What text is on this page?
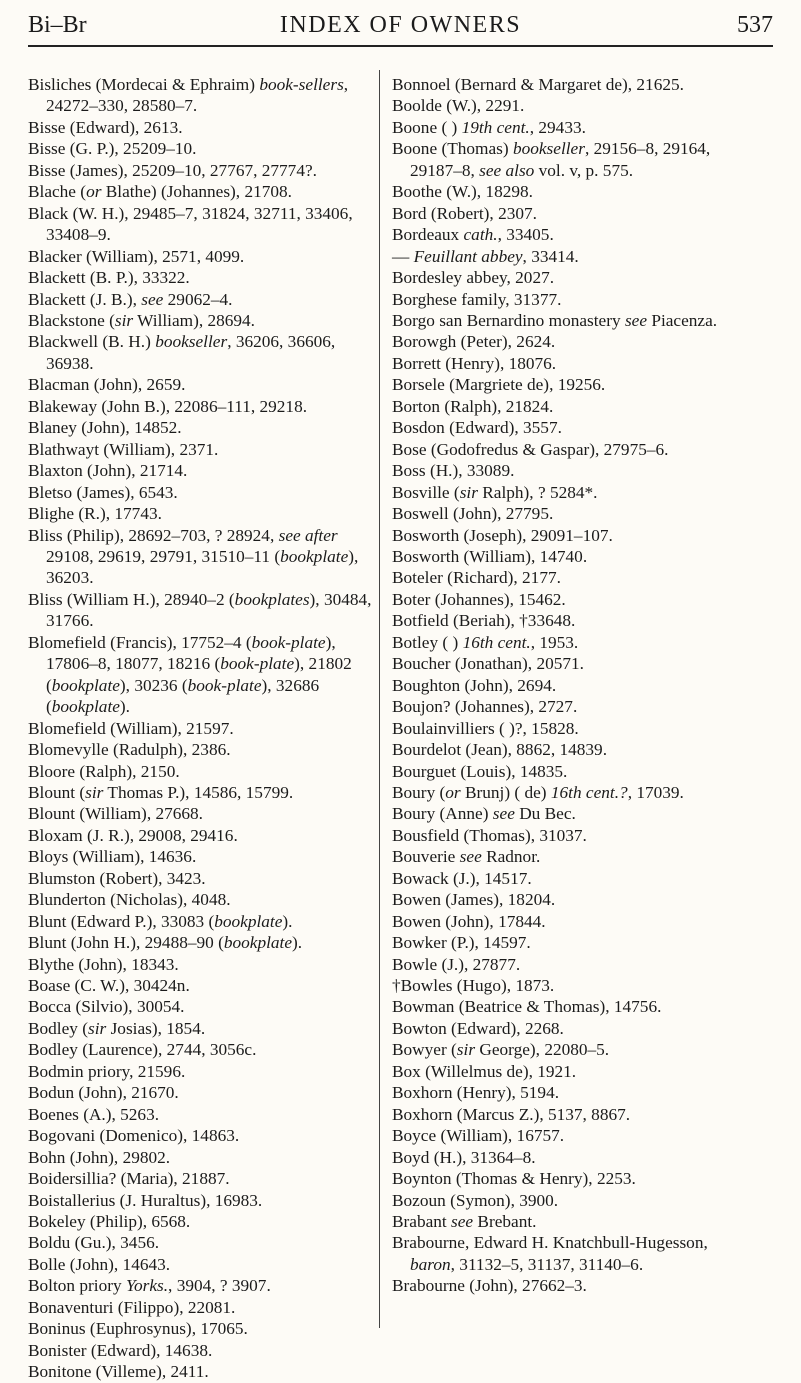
Bi–Br	INDEX OF OWNERS	537

Bisliches (Mordecai & Ephraim) book-sellers, 24272–330, 28580–7.

Bisse (Edward), 2613.

Bisse (G. P.), 25209–10.

Bisse (James), 25209–10, 27767, 27774?.

Blache (or Blathe) (Johannes), 21708.

Black (W. H.), 29485–7, 31824, 32711, 33406, 33408–9.

Blacker (William), 2571, 4099.

Blackett (B. P.), 33322.

Blackett (J. B.), see 29062–4.

Blackstone (sir William), 28694.

Blackwell (B. H.) bookseller, 36206, 36606, 36938.

Blacman (John), 2659.

Blakeway (John B.), 22086–111, 29218.

Blaney (John), 14852.

Blathwayt (William), 2371.

Blaxton (John), 21714.

Bletso (James), 6543.

Blighe (R.), 17743.

Bliss (Philip), 28692–703, ? 28924, see after 29108, 29619, 29791, 31510–11 (bookplate), 36203.

Bliss (William H.), 28940–2 (bookplates), 30484, 31766.

Blomefield (Francis), 17752–4 (book-plate), 17806–8, 18077, 18216 (book-plate), 21802 (bookplate), 30236 (book-plate), 32686 (bookplate).

Blomefield (William), 21597.

Blomevylle (Radulph), 2386.

Bloore (Ralph), 2150.

Blount (sir Thomas P.), 14586, 15799.

Blount (William), 27668.

Bloxam (J. R.), 29008, 29416.

Bloys (William), 14636.

Blumston (Robert), 3423.

Blunderton (Nicholas), 4048.

Blunt (Edward P.), 33083 (bookplate).

Blunt (John H.), 29488–90 (bookplate).

Blythe (John), 18343.

Boase (C. W.), 30424n.

Bocca (Silvio), 30054.

Bodley (sir Josias), 1854.

Bodley (Laurence), 2744, 3056c.

Bodmin priory, 21596.

Bodun (John), 21670.

Boenes (A.), 5263.

Bogovani (Domenico), 14863.

Bohn (John), 29802.

Boidersillia? (Maria), 21887.

Boistallerius (J. Huraltus), 16983.

Bokeley (Philip), 6568.

Boldu (Gu.), 3456.

Bolle (John), 14643.

Bolton priory Yorks., 3904, ? 3907.

Bonaventuri (Filippo), 22081.

Boninus (Euphrosynus), 17065.

Bonister (Edward), 14638.

Bonitone (Villeme), 2411.

Bonnoel (Bernard & Margaret de), 21625.

Boolde (W.), 2291.

Boone ( ) 19th cent., 29433.

Boone (Thomas) bookseller, 29156–8, 29164, 29187–8, see also vol. v, p. 575.

Boothe (W.), 18298.

Bord (Robert), 2307.

Bordeaux cath., 33405.

— Feuillant abbey, 33414.

Bordesley abbey, 2027.

Borghese family, 31377.

Borgo san Bernardino monastery see Piacenza.

Borowgh (Peter), 2624.

Borrett (Henry), 18076.

Borsele (Margriete de), 19256.

Borton (Ralph), 21824.

Bosdon (Edward), 3557.

Bose (Godofredus & Gaspar), 27975–6.

Boss (H.), 33089.

Bosville (sir Ralph), ? 5284*.

Boswell (John), 27795.

Bosworth (Joseph), 29091–107.

Bosworth (William), 14740.

Boteler (Richard), 2177.

Boter (Johannes), 15462.

Botfield (Beriah), †33648.

Botley ( ) 16th cent., 1953.

Boucher (Jonathan), 20571.

Boughton (John), 2694.

Boujon? (Johannes), 2727.

Boulainvilliers ( )?, 15828.

Bourdelot (Jean), 8862, 14839.

Bourguet (Louis), 14835.

Boury (or Brunj) ( de) 16th cent.?, 17039.

Boury (Anne) see Du Bec.

Bousfield (Thomas), 31037.

Bouverie see Radnor.

Bowack (J.), 14517.

Bowen (James), 18204.

Bowen (John), 17844.

Bowker (P.), 14597.

Bowle (J.), 27877.

†Bowles (Hugo), 1873.

Bowman (Beatrice & Thomas), 14756.

Bowton (Edward), 2268.

Bowyer (sir George), 22080–5.

Box (Willelmus de), 1921.

Boxhorn (Henry), 5194.

Boxhorn (Marcus Z.), 5137, 8867.

Boyce (William), 16757.

Boyd (H.), 31364–8.

Boynton (Thomas & Henry), 2253.

Bozoun (Symon), 3900.

Brabant see Brebant.

Brabourne, Edward H. Knatchbull-Hugesson, baron, 31132–5, 31137, 31140–6.

Brabourne (John), 27662–3.
